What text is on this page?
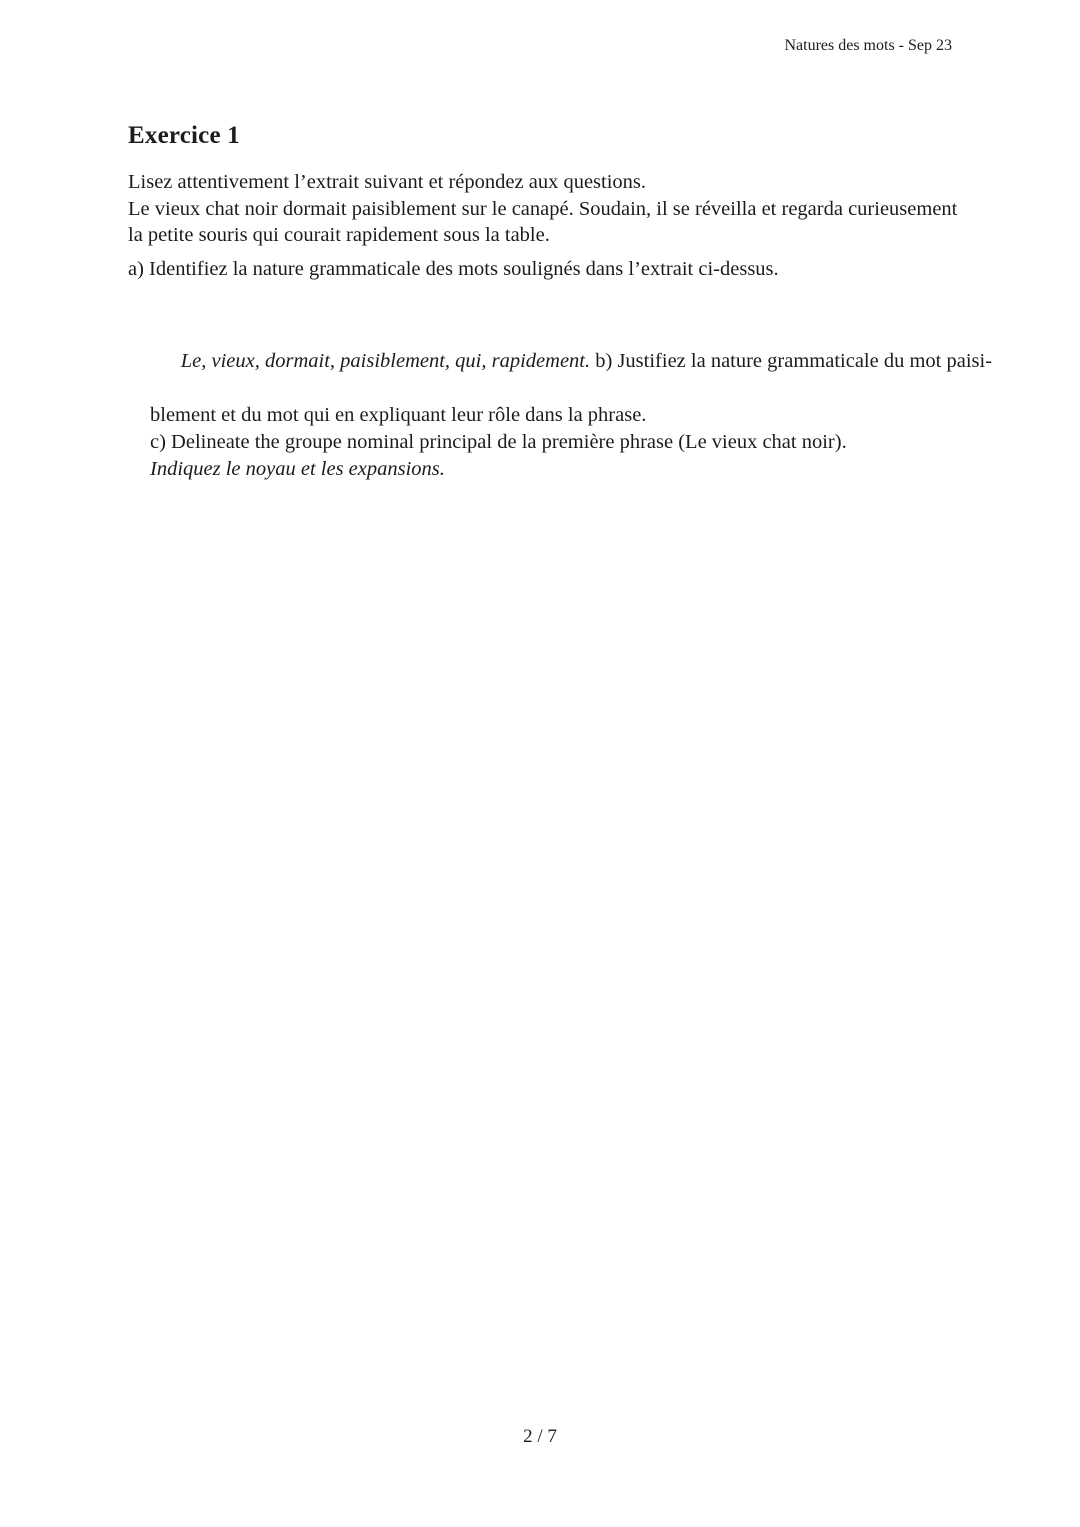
Natures des mots - Sep 23
Exercice 1
Lisez attentivement l’extrait suivant et répondez aux questions.
Le vieux chat noir dormait paisiblement sur le canapé. Soudain, il se réveilla et regarda curieusement
la petite souris qui courait rapidement sous la table.
a) Identifiez la nature grammaticale des mots soulignés dans l’extrait ci-dessus.

Le, vieux, dormait, paisiblement, qui, rapidement. b) Justifiez la nature grammaticale du mot paisi-

blement et du mot qui en expliquant leur rôle dans la phrase.
c) Delineate the groupe nominal principal de la première phrase (Le vieux chat noir).
Indiquez le noyau et les expansions.
2 / 7
